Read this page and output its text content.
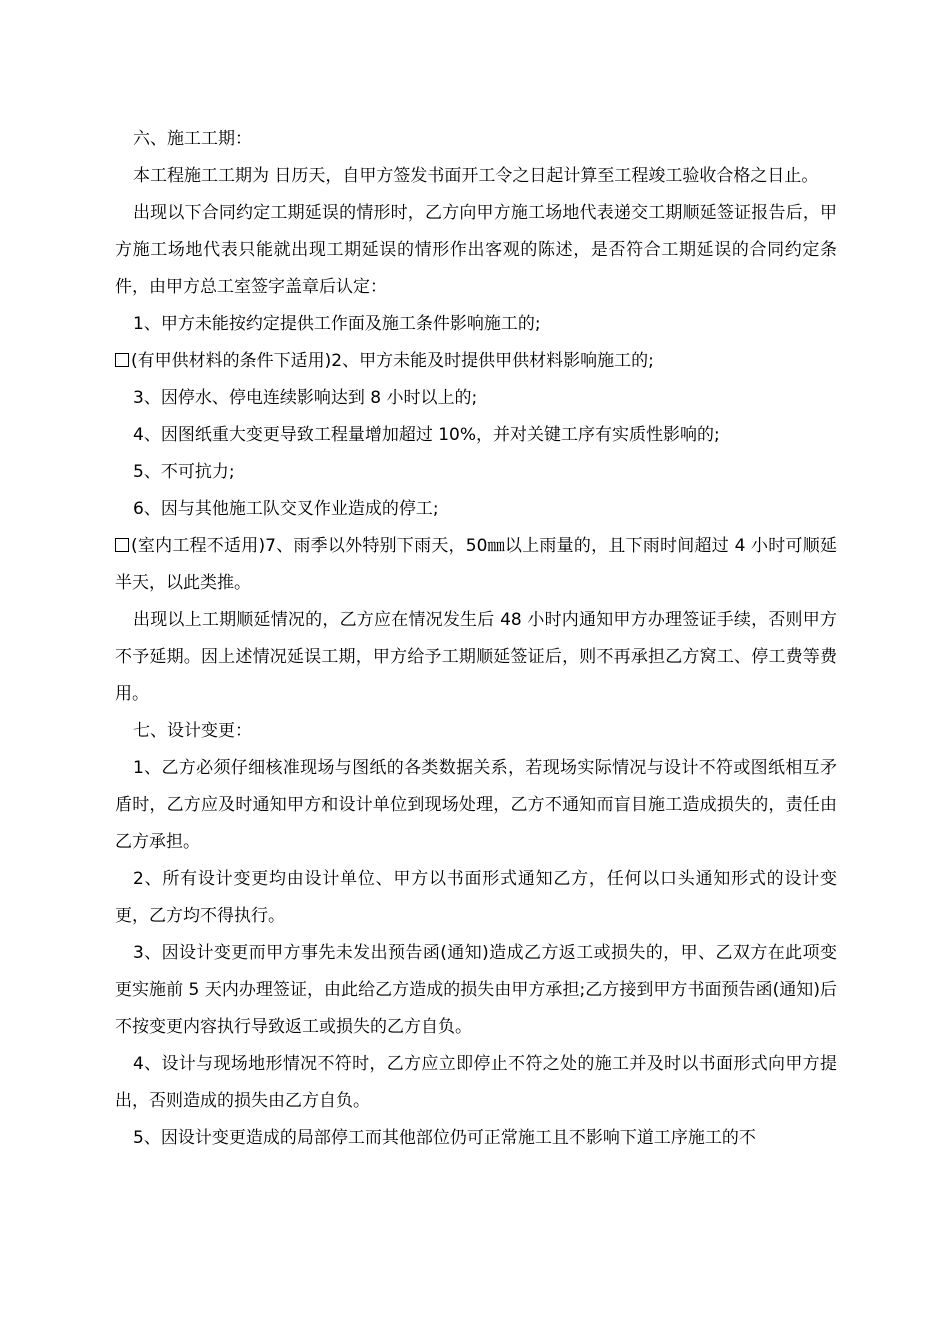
六、施工工期：

本工程施工工期为 日历天，自甲方签发书面开工令之日起计算至工程竣工验收合格之日止。

出现以下合同约定工期延误的情形时，乙方向甲方施工场地代表递交工期顺延签证报告后，甲方施工场地代表只能就出现工期延误的情形作出客观的陈述，是否符合工期延误的合同约定条件，由甲方总工室签字盖章后认定：

1、甲方未能按约定提供工作面及施工条件影响施工的;

(有甲供材料的条件下适用)2、甲方未能及时提供甲供材料影响施工的;

3、因停水、停电连续影响达到 8 小时以上的;

4、因图纸重大变更导致工程量增加超过 10%，并对关键工序有实质性影响的;

5、不可抗力;

6、因与其他施工队交叉作业造成的停工;

(室内工程不适用)7、雨季以外特别下雨天，50㎜以上雨量的，且下雨时间超过 4 小时可顺延半天，以此类推。

出现以上工期顺延情况的，乙方应在情况发生后 48 小时内通知甲方办理签证手续，否则甲方不予延期。因上述情况延误工期，甲方给予工期顺延签证后，则不再承担乙方窝工、停工费等费用。

七、设计变更：

1、乙方必须仔细核准现场与图纸的各类数据关系，若现场实际情况与设计不符或图纸相互矛盾时，乙方应及时通知甲方和设计单位到现场处理，乙方不通知而盲目施工造成损失的，责任由乙方承担。

2、所有设计变更均由设计单位、甲方以书面形式通知乙方，任何以口头通知形式的设计变更，乙方均不得执行。

3、因设计变更而甲方事先未发出预告函(通知)造成乙方返工或损失的，甲、乙双方在此项变更实施前 5 天内办理签证，由此给乙方造成的损失由甲方承担;乙方接到甲方书面预告函(通知)后不按变更内容执行导致返工或损失的乙方自负。

4、设计与现场地形情况不符时，乙方应立即停止不符之处的施工并及时以书面形式向甲方提出，否则造成的损失由乙方自负。

5、因设计变更造成的局部停工而其他部位仍可正常施工且不影响下道工序施工的不
